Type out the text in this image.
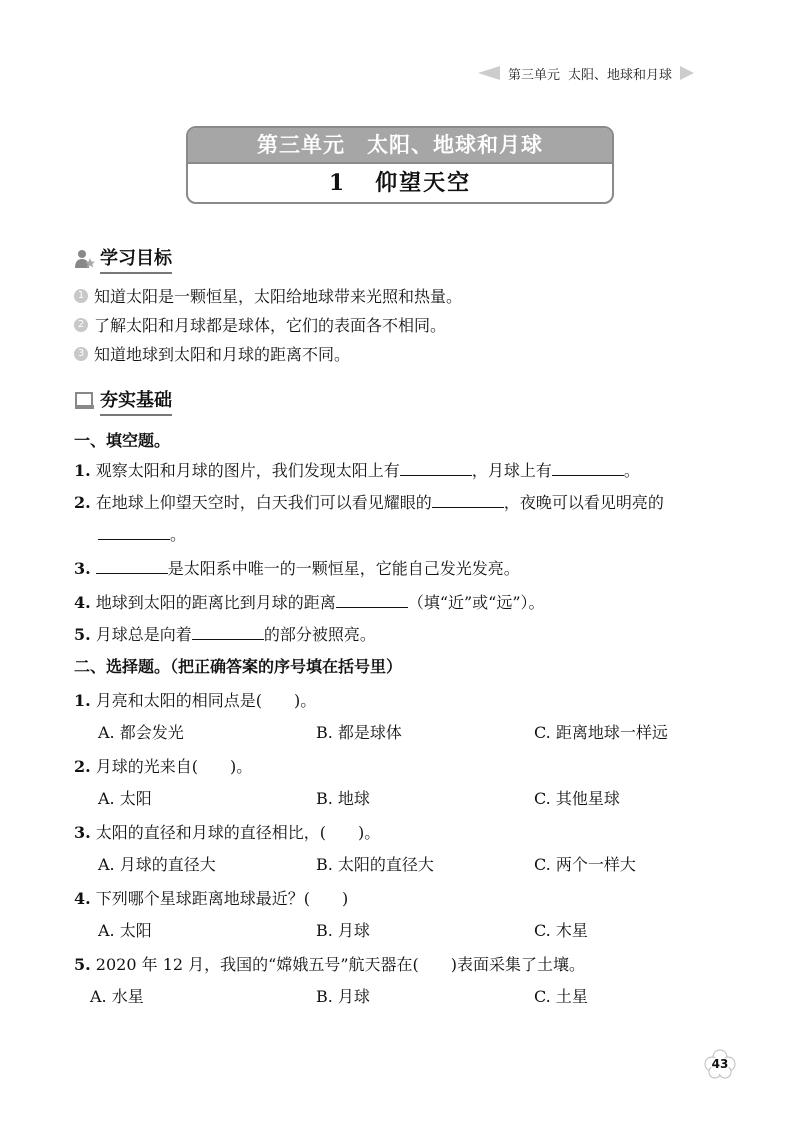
第三单元 太阳、地球和月球
第三单元　太阳、地球和月球
1 仰望天空
学习目标
1 知道太阳是一颗恒星，太阳给地球带来光照和热量。
2 了解太阳和月球都是球体，它们的表面各不相同。
3 知道地球到太阳和月球的距离不同。
夯实基础
一、填空题。
1. 观察太阳和月球的图片，我们发现太阳上有	，月球上有	。
2. 在地球上仰望天空时，白天我们可以看见耀眼的	，夜晚可以看见明亮的
。
3.	是太阳系中唯一的一颗恒星，它能自己发光发亮。
4. 地球到太阳的距离比到月球的距离	（填“近”或“远”）。
5. 月球总是向着	的部分被照亮。
二、选择题。（把正确答案的序号填在括号里）
1. 月亮和太阳的相同点是(　　)。
A. 都会发光	B. 都是球体	C. 距离地球一样远
2. 月球的光来自(　　)。
A. 太阳	B. 地球	C. 其他星球
3. 太阳的直径和月球的直径相比，(　　)。
A. 月球的直径大	B. 太阳的直径大	C. 两个一样大
4. 下列哪个星球距离地球最近？(　　)
A. 太阳	B. 月球	C. 木星
5. 2020 年 12 月，我国的“嫦娥五号”航天器在(　　)表面采集了土壤。
A. 水星	B. 月球	C. 土星
43
